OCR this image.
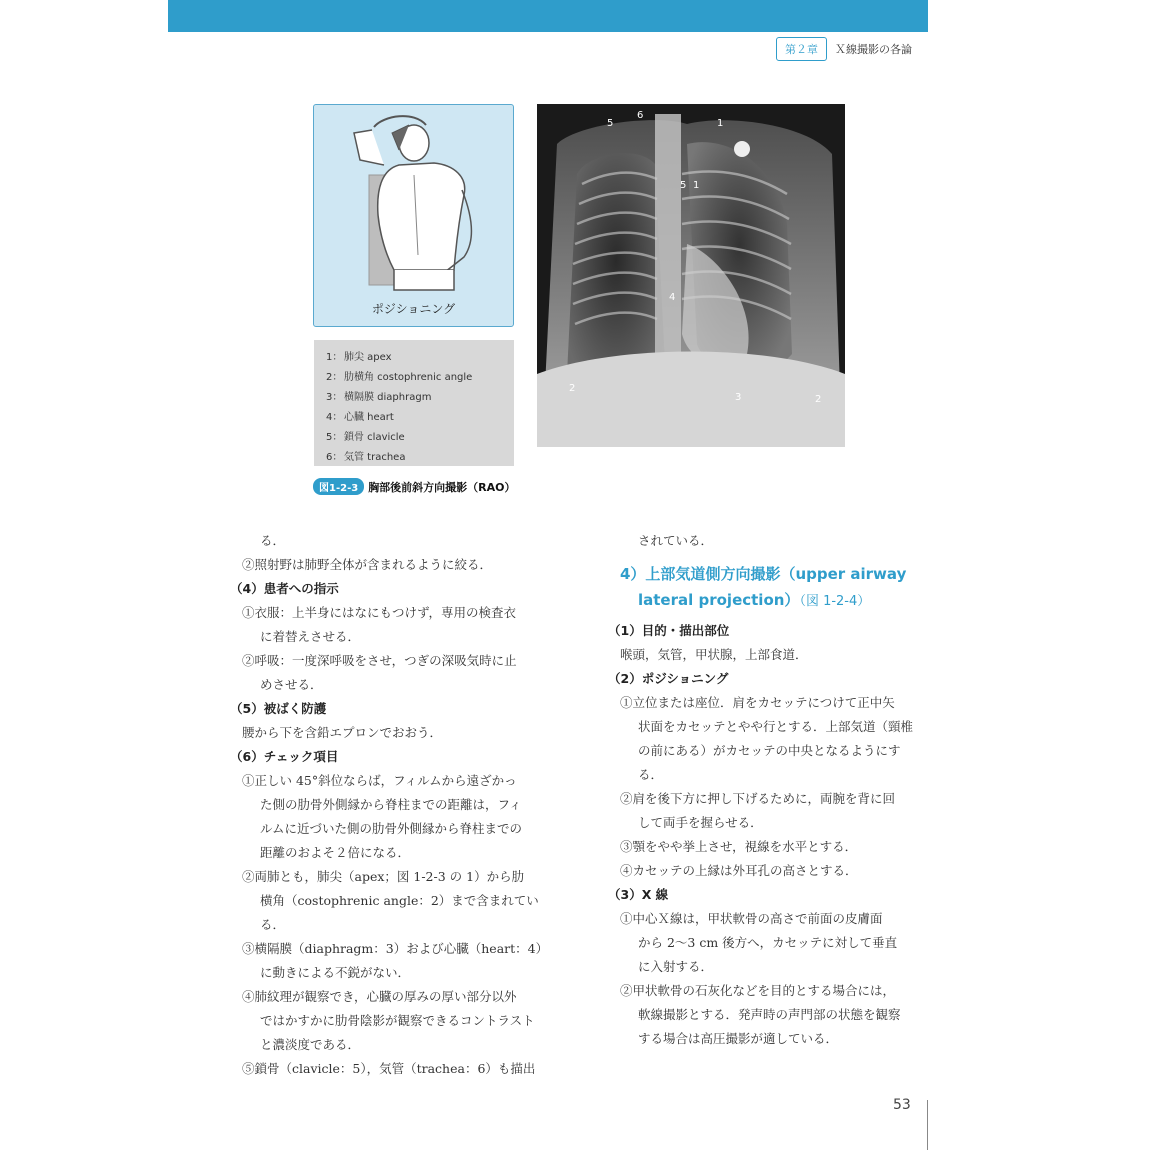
第２章	Ｘ線撮影の各論
ポジショニング
1： 肺尖 apex
2： 肋横角 costophrenic angle
3： 横隔膜 diaphragm
4： 心臓 heart
5： 鎖骨 clavicle
6： 気管 trachea
図1-2-3 胸部後前斜方向撮影（RAO）
5
6
1
5 1
4
2
3	2
る．
②照射野は肺野全体が含まれるように絞る．
（4）患者への指示
①衣服：上半身にはなにもつけず，専用の検査衣
に着替えさせる．
②呼吸：一度深呼吸をさせ，つぎの深吸気時に止
めさせる．
（5）被ばく防護
腰から下を含鉛エプロンでおおう．
（6）チェック項目
①正しい 45°斜位ならば，フィルムから遠ざかっ
た側の肋骨外側縁から脊柱までの距離は，フィ
ルムに近づいた側の肋骨外側縁から脊柱までの
距離のおよそ２倍になる．
②両肺とも，肺尖（apex；図 1-2-3 の 1）から肋
横角（costophrenic angle：2）まで含まれてい
る．
③横隔膜（diaphragm：3）および心臓（heart：4）
に動きによる不鋭がない．
④肺紋理が観察でき，心臓の厚みの厚い部分以外
ではかすかに肋骨陰影が観察できるコントラスト
と濃淡度である．
⑤鎖骨（clavicle：5），気管（trachea：6）も描出
されている．
4）上部気道側方向撮影（upper airway
lateral projection）（図 1-2-4）
（1）目的・描出部位
喉頭，気管，甲状腺，上部食道．
（2）ポジショニング
①立位または座位．肩をカセッテにつけて正中矢
状面をカセッテとやや行とする．上部気道（頸椎
の前にある）がカセッテの中央となるようにす
る．
②肩を後下方に押し下げるために，両腕を背に回
して両手を握らせる．
③顎をやや挙上させ，視線を水平とする．
④カセッテの上縁は外耳孔の高さとする．
（3）X 線
①中心Ｘ線は，甲状軟骨の高さで前面の皮膚面
から 2〜3 cm 後方へ，カセッテに対して垂直
に入射する．
②甲状軟骨の石灰化などを目的とする場合には，
軟線撮影とする．発声時の声門部の状態を観察
する場合は高圧撮影が適している．
53
